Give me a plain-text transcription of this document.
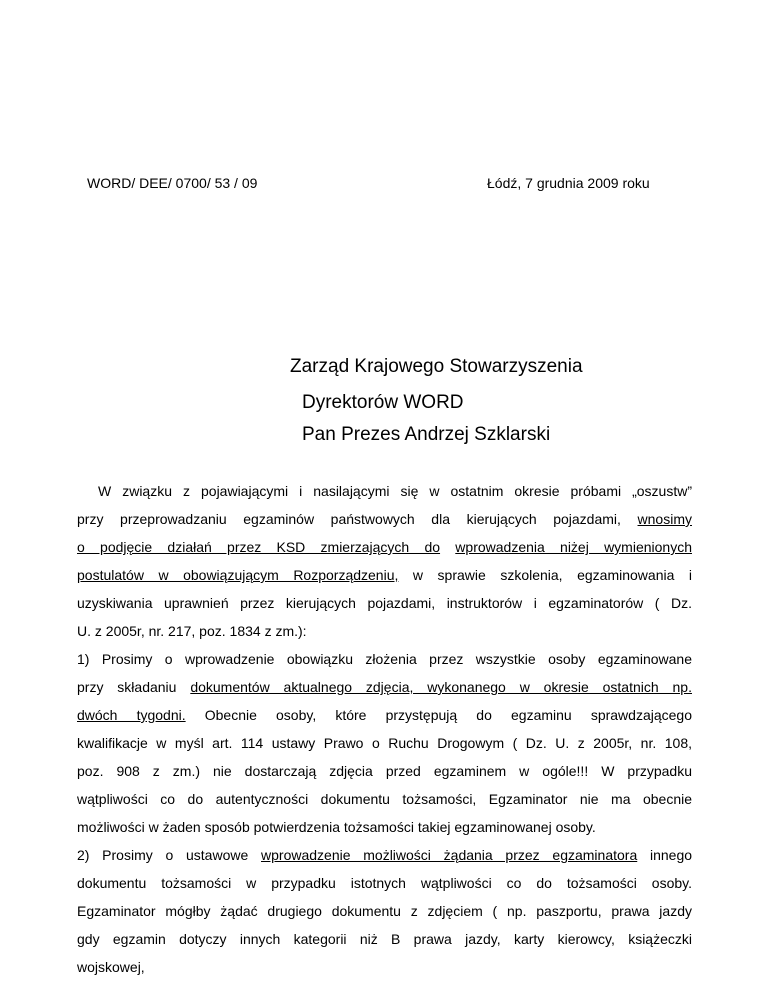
WORD/ DEE/ 0700/ 53 / 09	Łódź, 7 grudnia 2009 roku
Zarząd Krajowego Stowarzyszenia
Dyrektorów WORD
Pan Prezes Andrzej Szklarski
W związku z pojawiającymi i nasilającymi się w ostatnim okresie próbami „oszustw”
przy przeprowadzaniu egzaminów państwowych dla kierujących pojazdami, wnosimy
o podjęcie działań przez KSD zmierzających do wprowadzenia niżej wymienionych
postulatów w obowiązującym Rozporządzeniu, w sprawie szkolenia, egzaminowania i
uzyskiwania uprawnień przez kierujących pojazdami, instruktorów i egzaminatorów ( Dz.
U. z 2005r, nr. 217, poz. 1834 z zm.):
1) Prosimy o wprowadzenie obowiązku złożenia przez wszystkie osoby egzaminowane
przy składaniu dokumentów aktualnego zdjęcia, wykonanego w okresie ostatnich np.
dwóch tygodni. Obecnie osoby, które przystępują do egzaminu sprawdzającego
kwalifikacje w myśl art. 114 ustawy Prawo o Ruchu Drogowym ( Dz. U. z 2005r, nr. 108,
poz. 908 z zm.) nie dostarczają zdjęcia przed egzaminem w ogóle!!! W przypadku
wątpliwości co do autentyczności dokumentu tożsamości, Egzaminator nie ma obecnie
możliwości w żaden sposób potwierdzenia tożsamości takiej egzaminowanej osoby.
2) Prosimy o ustawowe wprowadzenie możliwości żądania przez egzaminatora innego
dokumentu tożsamości w przypadku istotnych wątpliwości co do tożsamości osoby.
Egzaminator mógłby żądać drugiego dokumentu z zdjęciem ( np. paszportu, prawa jazdy
gdy egzamin dotyczy innych kategorii niż B prawa jazdy, karty kierowcy, książeczki
wojskowej,
